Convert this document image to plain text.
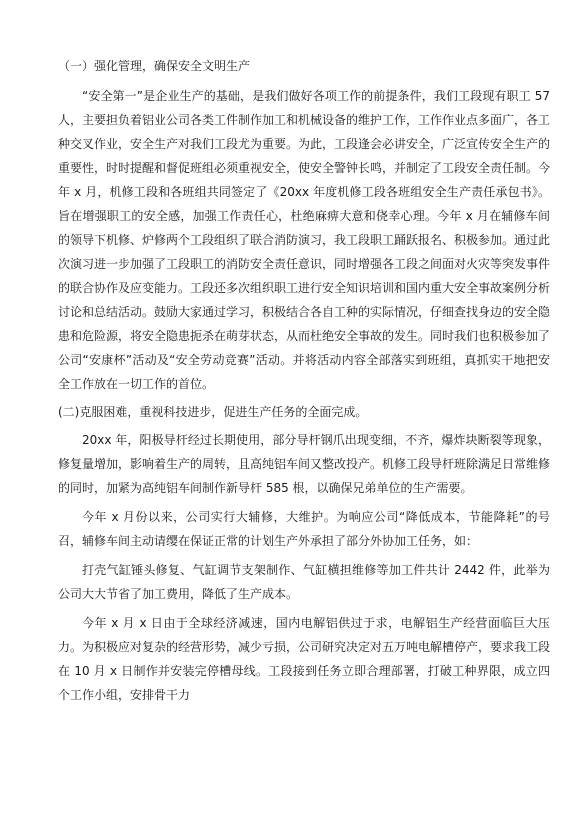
（一）强化管理，确保安全文明生产

“安全第一”是企业生产的基础，是我们做好各项工作的前提条件，我们工段现有职工 57 人，主要担负着铝业公司各类工件制作加工和机械设备的维护工作，工作作业点多面广，各工种交叉作业，安全生产对我们工段尤为重要。为此，工段逢会必讲安全，广泛宣传安全生产的重要性，时时提醒和督促班组必须重视安全，使安全警钟长鸣，并制定了工段安全责任制。今年 x 月，机修工段和各班组共同签定了《20xx 年度机修工段各班组安全生产责任承包书》。旨在增强职工的安全感，加强工作责任心，杜绝麻痹大意和侥幸心理。今年 x 月在辅修车间的领导下机修、炉修两个工段组织了联合消防演习，我工段职工踊跃报名、积极参加。通过此次演习进一步加强了工段职工的消防安全责任意识，同时增强各工段之间面对火灾等突发事件的联合协作及应变能力。工段还多次组织职工进行安全知识培训和国内重大安全事故案例分析讨论和总结活动。鼓励大家通过学习，积极结合各自工种的实际情况，仔细查找身边的安全隐患和危险源，将安全隐患扼杀在萌芽状态，从而杜绝安全事故的发生。同时我们也积极参加了公司“安康杯”活动及“安全劳动竞赛”活动。并将活动内容全部落实到班组，真抓实干地把安全工作放在一切工作的首位。

(二)克服困难，重视科技进步，促进生产任务的全面完成。

20xx 年，阳极导杆经过长期使用，部分导杆钢爪出现变细，不齐，爆炸块断裂等现象，修复量增加，影响着生产的周转，且高纯铝车间又整改投产。机修工段导杆班除满足日常维修的同时，加紧为高纯铝车间制作新导杆 585 根，以确保兄弟单位的生产需要。

今年 x 月份以来，公司实行大辅修，大维护。为响应公司“降低成本，节能降耗”的号召，辅修车间主动请缨在保证正常的计划生产外承担了部分外协加工任务，如：

打壳气缸锤头修复、气缸调节支架制作、气缸横担维修等加工件共计 2442 件，此举为公司大大节省了加工费用，降低了生产成本。

今年 x 月 x 日由于全球经济减速，国内电解铝供过于求，电解铝生产经营面临巨大压力。为积极应对复杂的经营形势，减少亏损，公司研究决定对五万吨电解槽停产，要求我工段在 10 月 x 日制作并安装完停槽母线。工段接到任务立即合理部署，打破工种界限，成立四个工作小组，安排骨干力
